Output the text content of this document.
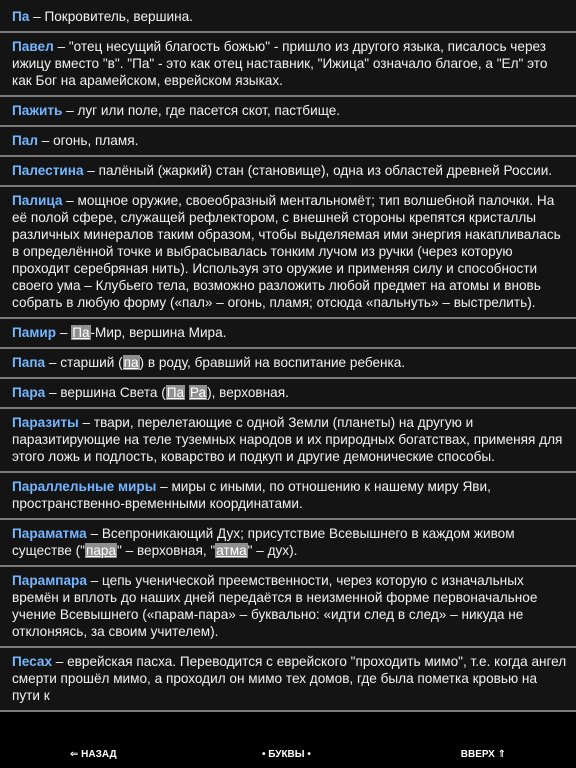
Па – Покровитель, вершина.
Павел – "отец несущий благость божью" - пришло из другого языка, писалось через ижицу вместо "в". "Па" - это как отец наставник, "Ижица" означало благое, а "Ел" это как Бог на арамейском, еврейском языках.
Пажить – луг или поле, где пасется скот, пастбище.
Пал – огонь, пламя.
Палестина – палёный (жаркий) стан (становище), одна из областей древней России.
Палица – мощное оружие, своеобразный ментальномёт; тип волшебной палочки. На её полой сфере, служащей рефлектором, с внешней стороны крепятся кристаллы различных минералов таким образом, чтобы выделяемая ими энергия накапливалась в определённой точке и выбрасывалась тонким лучом из ручки (через которую проходит серебряная нить). Используя это оружие и применяя силу и способности своего ума – Клубьего тела, возможно разложить любой предмет на атомы и вновь собрать в любую форму («пал» – огонь, пламя; отсюда «пальнуть» – выстрелить).
Памир – Па-Мир, вершина Мира.
Папа – старший (па) в роду, бравший на воспитание ребенка.
Пара – вершина Света (Па Ра), верховная.
Паразиты – твари, перелетающие с одной Земли (планеты) на другую и паразитирующие на теле туземных народов и их природных богатствах, применяя для этого ложь и подлость, коварство и подкуп и другие демонические способы.
Параллельные миры – миры с иными, по отношению к нашему миру Яви, пространственно-временными координатами.
Параматма – Всепроникающий Дух; присутствие Всевышнего в каждом живом существе ("пара" – верховная, "атма" – дух).
Парампара – цепь ученической преемственности, через которую с изначальных времён и вплоть до наших дней передаётся в неизменной форме первоначальное учение Всевышнего («парам-пара» – буквально: «идти след в след» – никуда не отклоняясь, за своим учителем).
Песах – еврейская пасха. Переводится с еврейского "проходить мимо", т.е. когда ангел смерти прошёл мимо, а проходил он мимо тех домов, где была пометка кровью на пути к
⇐ НАЗАД	• БУКВЫ •	ВВЕРХ ⇑
